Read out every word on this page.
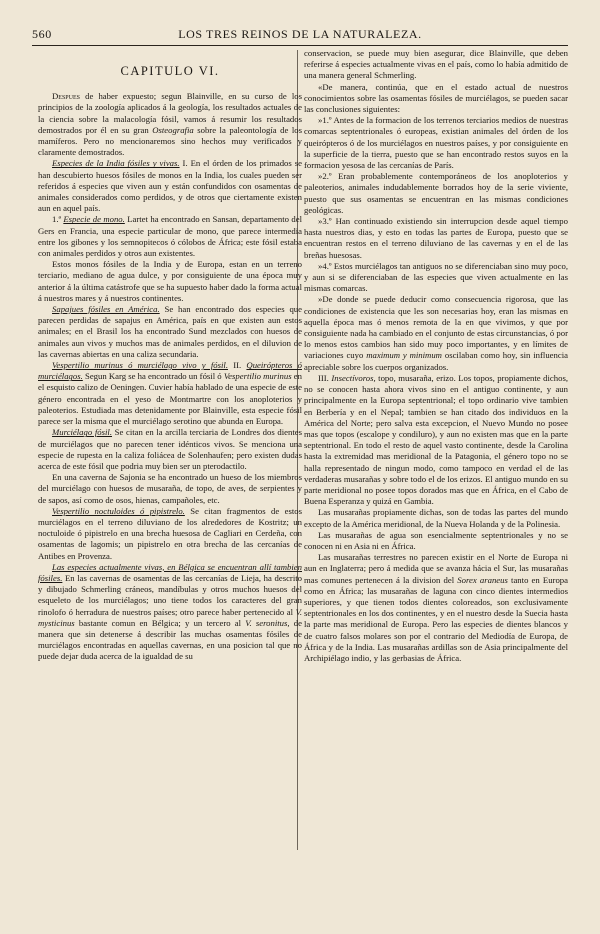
560	LOS TRES REINOS DE LA NATURALEZA.

CAPITULO VI.

Despues de haber expuesto; segun Blainville, en su curso de los principios de la zoología aplicados á la geología, los resultados actuales de la ciencia sobre la malacología fósil, vamos á resumir los resultados demostrados por él en su gran Osteografia sobre la paleontología de los mamíferos. Pero no mencionaremos sino hechos muy verificados y claramente demostrados.

Especies de la India fósiles y vivas. I. En el órden de los primados se han descubierto huesos fósiles de monos en la India, los cuales pueden ser referidos á especies que viven aun y están confundidos con osamentas de animales considerados como perdidos, y de otros que ciertamente existen aun en aquel país.

1.ª Especie de mono. Lartet ha encontrado en Sansan, departamento del Gers en Francia, una especie particular de mono, que parece intermedia entre los gibones y los semnopitecos ó cólobos de África; este fósil estaba con animales perdidos y otros aun existentes.

Estos monos fósiles de la India y de Europa, estan en un terreno terciario, mediano de agua dulce, y por consiguiente de una época muy anterior á la última catástrofe que se ha supuesto haber dado la forma actual á nuestros mares y á nuestros continentes.

Sapajues fósiles en América. Se han encontrado dos especies que parecen perdidas de sapajus en América, país en que existen aun estos animales; en el Brasil los ha encontrado Sund mezclados con huesos de animales aun vivos y muchos mas de animales perdidos, en el diluvion de las cavernas abiertas en una caliza secundaria.

Vespertilio murinus ó murciélago vivo y fósil. II. Queirópteros ó murciélagos. Segun Karg se ha encontrado un fósil ó Vespertilio murinus en el esquisto calizo de Oeningen. Cuvier había hablado de una especie de este género encontrada en el yeso de Montmartre con los anoploterios y paleoterios. Estudiada mas detenidamente por Blainville, esta especie fósil parece ser la misma que el murciélago serotino que abunda en Europa.

Murciélago fósil. Se citan en la arcilla terciaria de Londres dos dientes de murciélagos que no parecen tener idénticos vivos. Se menciona una especie de rupesta en la caliza foliácea de Solenhaufen; pero existen dudas acerca de este fósil que podria muy bien ser un pterodactilo.

En una caverna de Sajonia se ha encontrado un hueso de los miembros del murciélago con huesos de musaraña, de topo, de aves, de serpientes y de sapos, así como de osos, hienas, campañoles, etc.

Vespertilio noctuloides ó pipistrelo. Se citan fragmentos de estos murciélagos en el terreno diluviano de los alrededores de Kostritz; un noctuloide ó pipistrelo en una brecha huesosa de Cagliari en Cerdeña, con osamentas de lagomis; un pipistrelo en otra brecha de las cercanías de Antibes en Provenza.

Las especies actualmente vivas, en Bélgica se encuentran allí tambien fósiles. En las cavernas de osamentas de las cercanías de Lieja, ha descrito y dibujado Schmerling cráneos, mandíbulas y otros muchos huesos del esqueleto de los murciélagos; uno tiene todos los caracteres del gran rinolofo ó herradura de nuestros países; otro parece haber pertenecido al V. mysticinus bastante comun en Bélgica; y un tercero al V. seronitus, de manera que sin detenerse á describir las muchas osamentas fósiles de murciélagos encontradas en aquellas cavernas, en una posicion tal que no puede dejar duda acerca de la igualdad de su

conservacion, se puede muy bien asegurar, dice Blainville, que deben referirse á especies actualmente vivas en el país, como lo había admitido de una manera general Schmerling.

«De manera, continúa, que en el estado actual de nuestros conocimientos sobre las osamentas fósiles de murciélagos, se pueden sacar las conclusiones siguientes:

»1.º Antes de la formacion de los terrenos terciarios medios de nuestras comarcas septentrionales ó europeas, existian animales del órden de los queirópteros ó de los murciélagos en nuestros países, y por consiguiente en la superficie de la tierra, puesto que se han encontrado restos suyos en la formacion yesosa de las cercanías de París.

»2.º Eran probablemente contemporáneos de los anoploterios y paleoterios, animales indudablemente borrados hoy de la serie viviente, puesto que sus osamentas se encuentran en las mismas condiciones geológicas.

»3.º Han continuado existiendo sin interrupcion desde aquel tiempo hasta nuestros dias, y esto en todas las partes de Europa, puesto que se encuentran restos en el terreno diluviano de las cavernas y en el de las breñas huesosas.

»4.º Estos murciélagos tan antiguos no se diferenciaban sino muy poco, y aun si se diferenciaban de las especies que viven actualmente en las mismas comarcas.

»De donde se puede deducir como consecuencia rigorosa, que las condiciones de existencia que les son necesarias hoy, eran las mismas en aquella época mas ó menos remota de la en que vivimos, y que por consiguiente nada ha cambiado en el conjunto de estas circunstancias, ó por lo menos estos cambios han sido muy poco importantes, y en límites de variaciones cuyo maximum y minimum oscilaban como hoy, sin influencia apreciable sobre los cuerpos organizados.

III. Insectívoros, topo, musaraña, erizo. Los topos, propiamente dichos, no se conocen hasta ahora vivos sino en el antiguo continente, y aun principalmente en la Europa septentrional; el topo ordinario vive tambien en Berbería y en el Nepal; tambien se han citado dos individuos en la América del Norte; pero salva esta excepcion, el Nuevo Mundo no posee mas que topos (escalope y condiluro), y aun no existen mas que en la parte septentrional. En todo el resto de aquel vasto continente, desde la Carolina hasta la extremidad mas meridional de la Patagonia, el género topo no se halla representado de ningun modo, como tampoco en verdad el de las verdaderas musarañas y sobre todo el de los erizos. El antiguo mundo en su parte meridional no posee topos dorados mas que en África, en el Cabo de Buena Esperanza y quizá en Gambia.

Las musarañas propiamente dichas, son de todas las partes del mundo excepto de la América meridional, de la Nueva Holanda y de la Polinesia.

Las musarañas de agua son esencialmente septentrionales y no se conocen ni en Asia ni en África.

Las musarañas terrestres no parecen existir en el Norte de Europa ni aun en Inglaterra; pero á medida que se avanza hácia el Sur, las musarañas mas comunes pertenecen á la division del Sorex araneus tanto en Europa como en África; las musarañas de laguna con cinco dientes intermedios superiores, y que tienen todos dientes coloreados, son exclusivamente septentrionales en los dos continentes, y en el nuestro desde la Suecia hasta la parte mas meridional de Europa. Pero las especies de dientes blancos y de cuatro falsos molares son por el contrario del Mediodía de Europa, de África y de la India. Las musarañas ardillas son de Asia principalmente del Archipiélago indio, y las gerbasias de África.
